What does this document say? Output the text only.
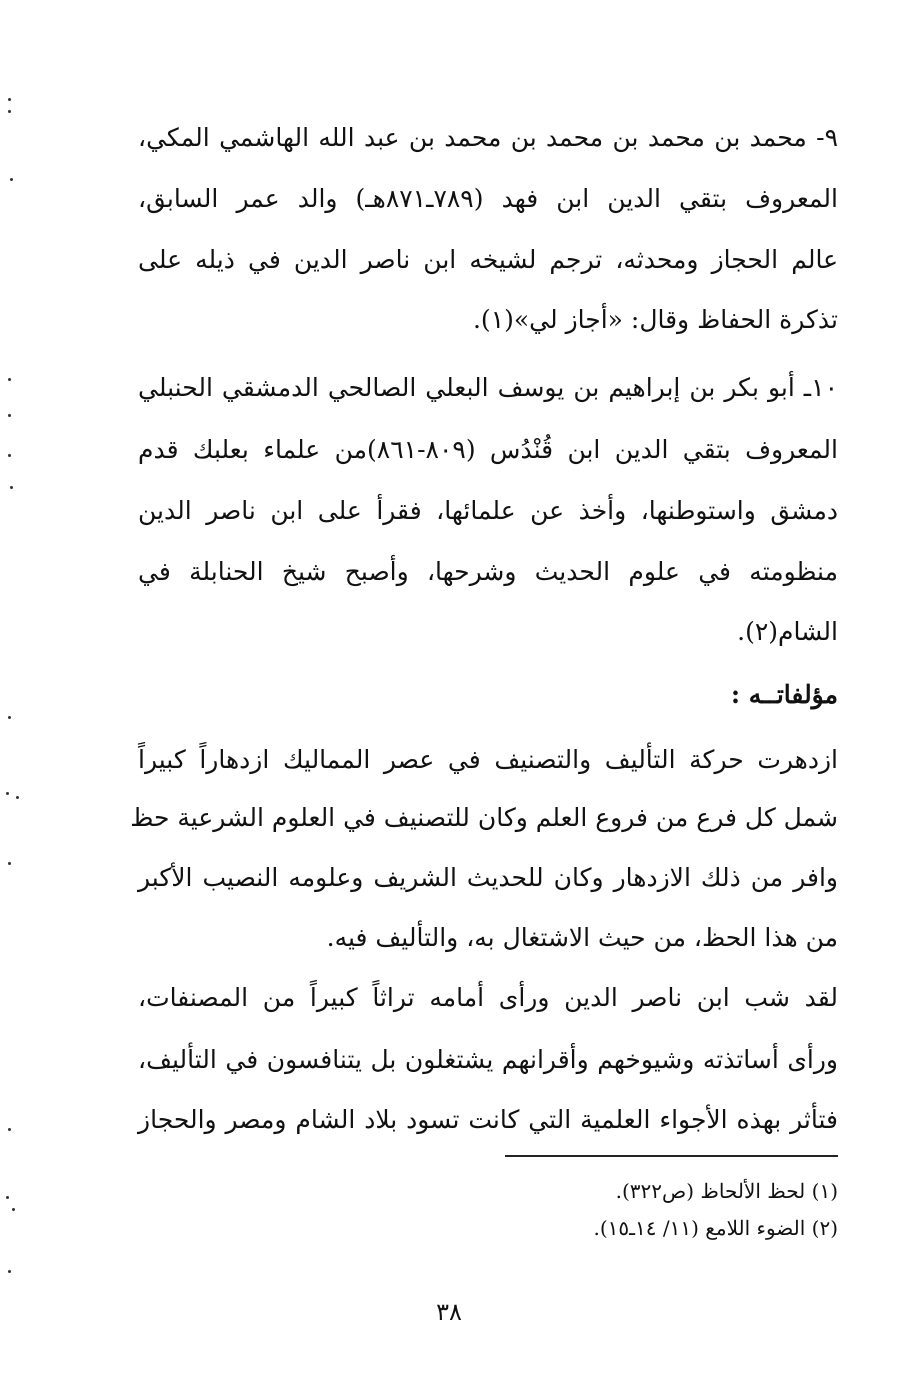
٩- محمد بن محمد بن محمد بن محمد بن عبد الله الهاشمي المكي،
المعروف بتقي الدين ابن فهد (٧٨٩ـ٨٧١هـ) والد عمر السابق،
عالم الحجاز ومحدثه، ترجم لشيخه ابن ناصر الدين في ذيله على
تذكرة الحفاظ وقال: «أجاز لي»(١).
١٠ـ أبو بكر بن إبراهيم بن يوسف البعلي الصالحي الدمشقي الحنبلي
المعروف بتقي الدين ابن قُنْدُس (٨٠٩-٨٦١)من علماء بعلبك قدم
دمشق واستوطنها، وأخذ عن علمائها، فقرأ على ابن ناصر الدين
منظومته في علوم الحديث وشرحها، وأصبح شيخ الحنابلة في
الشام(٢).
مؤلفاتــه :
ازدهرت حركة التأليف والتصنيف في عصر المماليك ازدهاراً كبيراً
شمل كل فرع من فروع العلم وكان للتصنيف في العلوم الشرعية حظ
وافر من ذلك الازدهار وكان للحديث الشريف وعلومه النصيب الأكبر
من هذا الحظ، من حيث الاشتغال به، والتأليف فيه.
لقد شب ابن ناصر الدين ورأى أمامه تراثاً كبيراً من المصنفات،
ورأى أساتذته وشيوخهم وأقرانهم يشتغلون بل يتنافسون في التأليف،
فتأثر بهذه الأجواء العلمية التي كانت تسود بلاد الشام ومصر والحجاز
(١) لحظ الألحاظ (ص٣٢٢).
(٢) الضوء اللامع (١١/ ١٤ـ١٥).
٣٨
